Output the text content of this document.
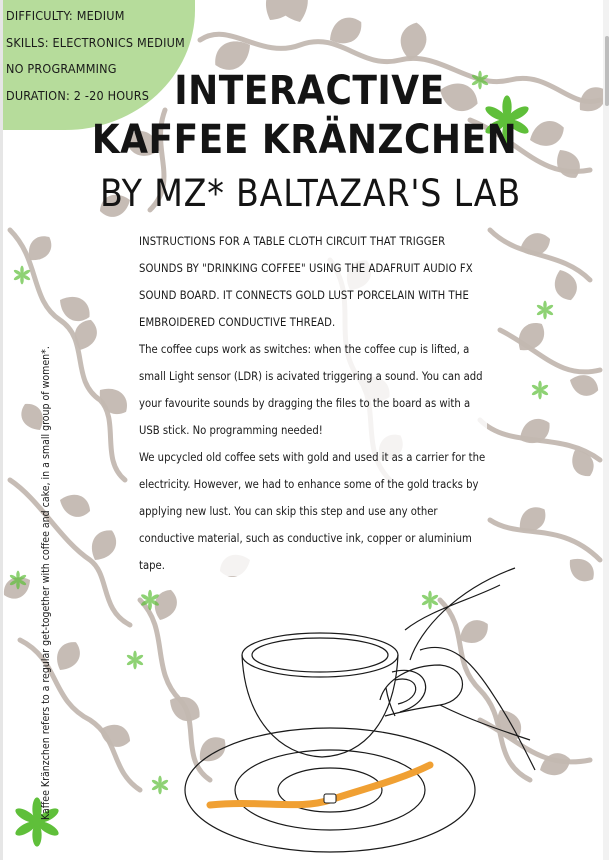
DIFFICULTY: MEDIUM
SKILLS: ELECTRONICS MEDIUM
NO PROGRAMMING
DURATION: 2 -20 HOURS INTERACTIVE
KAFFEE KRÄNZCHEN
BY MZ* BALTAZAR'S LAB

INSTRUCTIONS FOR A TABLE CLOTH CIRCUIT THAT TRIGGER SOUNDS BY "DRINKING COFFEE" USING THE ADAFRUIT AUDIO FX SOUND BOARD. IT CONNECTS GOLD LUST PORCELAIN WITH THE EMBROIDERED CONDUCTIVE THREAD.

The coffee cups work as switches: when the coffee cup is lifted, a small Light sensor (LDR) is acivated triggering a sound. You can add your favourite sounds by dragging the files to the board as with a USB stick. No programming needed!

We upcycled old coffee sets with gold and used it as a carrier for the electricity. However, we had to enhance some of the gold tracks by applying new lust. You can skip this step and use any other conductive material, such as conductive ink, copper or aluminium tape.

Kaffee Kränzchen refers to a regular get-together with coffee and cake, in a small group of women*.
